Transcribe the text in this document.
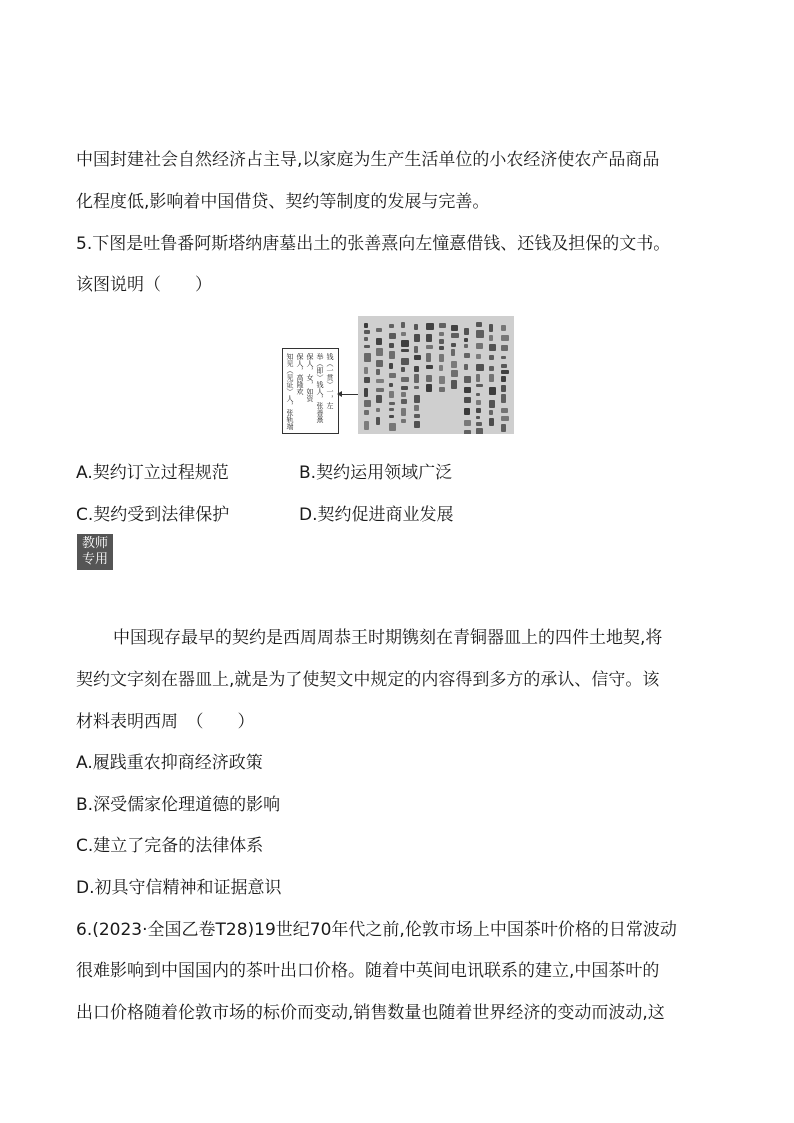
中国封建社会自然经济占主导,以家庭为生产生活单位的小农经济使农产品商品
化程度低,影响着中国借贷、契约等制度的发展与完善。
5.下图是吐鲁番阿斯塔纳唐墓出土的张善熹向左憧憙借钱、还钱及担保的文书。
该图说明（　　）
钱（一贯）一，左
举（即）钱人，张善熹
保人，女，如资
保人，高隆欢
知见（见证）人，张轨端
A.契约订立过程规范	B.契约运用领域广泛
C.契约受到法律保护	D.契约促进商业发展
教师
专用
中国现存最早的契约是西周周恭王时期镌刻在青铜器皿上的四件土地契,将
契约文字刻在器皿上,就是为了使契文中规定的内容得到多方的承认、信守。该
材料表明西周　（　　）
A.履践重农抑商经济政策
B.深受儒家伦理道德的影响
C.建立了完备的法律体系
D.初具守信精神和证据意识
6.(2023·全国乙卷T28)19世纪70年代之前,伦敦市场上中国茶叶价格的日常波动
很难影响到中国国内的茶叶出口价格。随着中英间电讯联系的建立,中国茶叶的
出口价格随着伦敦市场的标价而变动,销售数量也随着世界经济的变动而波动,这
